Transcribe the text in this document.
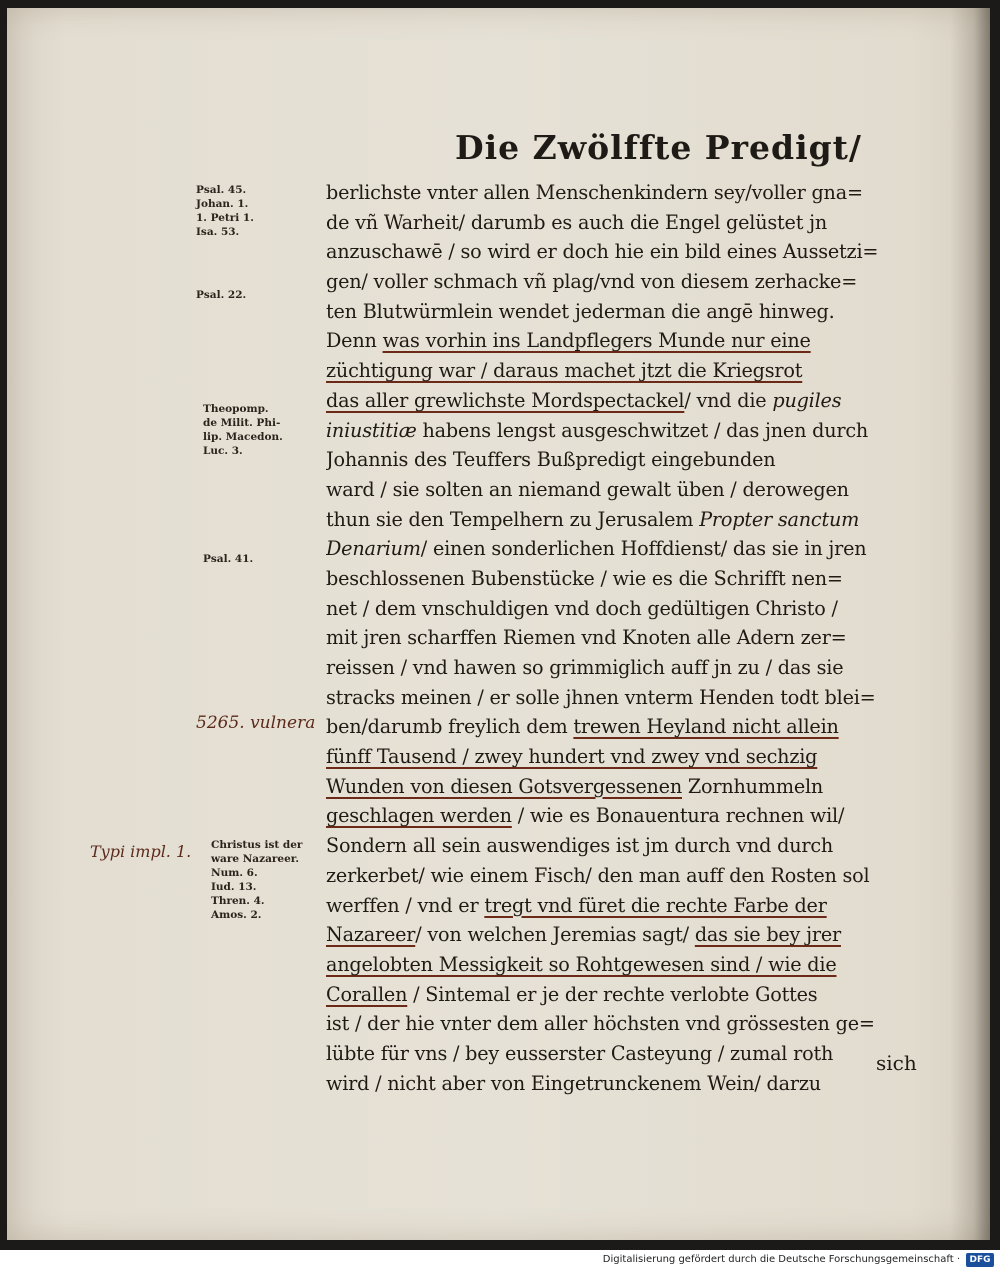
Die Zwölffte Predigt/
berlichste vnter allen Menschenkindern sey/voller gna=
de vñ Warheit/ darumb es auch die Engel gelüstet jn
anzuschawē / so wird er doch hie ein bild eines Aussetzi=
gen/ voller schmach vñ plag/vnd von diesem zerhacke=
ten Blutwürmlein wendet jederman die angē hinweg.
Denn was vorhin ins Landpflegers Munde nur eine
züchtigung war / daraus machet jtzt die Kriegsrot
das aller grewlichste Mordspectackel/ vnd die pugiles
iniustitiæ habens lengst ausgeschwitzet / das jnen durch
Johannis des Teuffers Bußpredigt eingebunden
ward / sie solten an niemand gewalt üben / derowegen
thun sie den Tempelhern zu Jerusalem Propter sanctum
Denarium/ einen sonderlichen Hoffdienst/ das sie in jren
beschlossenen Bubenstücke / wie es die Schrifft nen=
net / dem vnschuldigen vnd doch gedültigen Christo /
mit jren scharffen Riemen vnd Knoten alle Adern zer=
reissen / vnd hawen so grimmiglich auff jn zu / das sie
stracks meinen / er solle jhnen vnterm Henden todt blei=
ben/darumb freylich dem trewen Heyland nicht allein
fünff Tausend / zwey hundert vnd zwey vnd sechzig
Wunden von diesen Gotsvergessenen Zornhummeln
geschlagen werden / wie es Bonauentura rechnen wil/
Sondern all sein auswendiges ist jm durch vnd durch
zerkerbet/ wie einem Fisch/ den man auff den Rosten sol
werffen / vnd er tregt vnd füret die rechte Farbe der
Nazareer/ von welchen Jeremias sagt/ das sie bey jrer
angelobten Messigkeit so Rohtgewesen sind / wie die
Corallen / Sintemal er je der rechte verlobte Gottes
ist / der hie vnter dem aller höchsten vnd grössesten ge=
lübte für vns / bey eusserster Casteyung / zumal roth
wird / nicht aber von Eingetrunckenem Wein/ darzu
Psal. 45.
Johan. 1.
1. Petri 1.
Isa. 53.
Psal. 22.
Theopomp.
de Milit. Phi-
lip. Macedon.
Luc. 3.
Psal. 41.
5265. vulnera
Typi impl. 1. Christus ist der
ware Nazareer.
Num. 6.
Iud. 13.
Thren. 4.
Amos. 2.
sich
Digitalisierung gefördert durch die Deutsche Forschungsgemeinschaft ·	DFG
